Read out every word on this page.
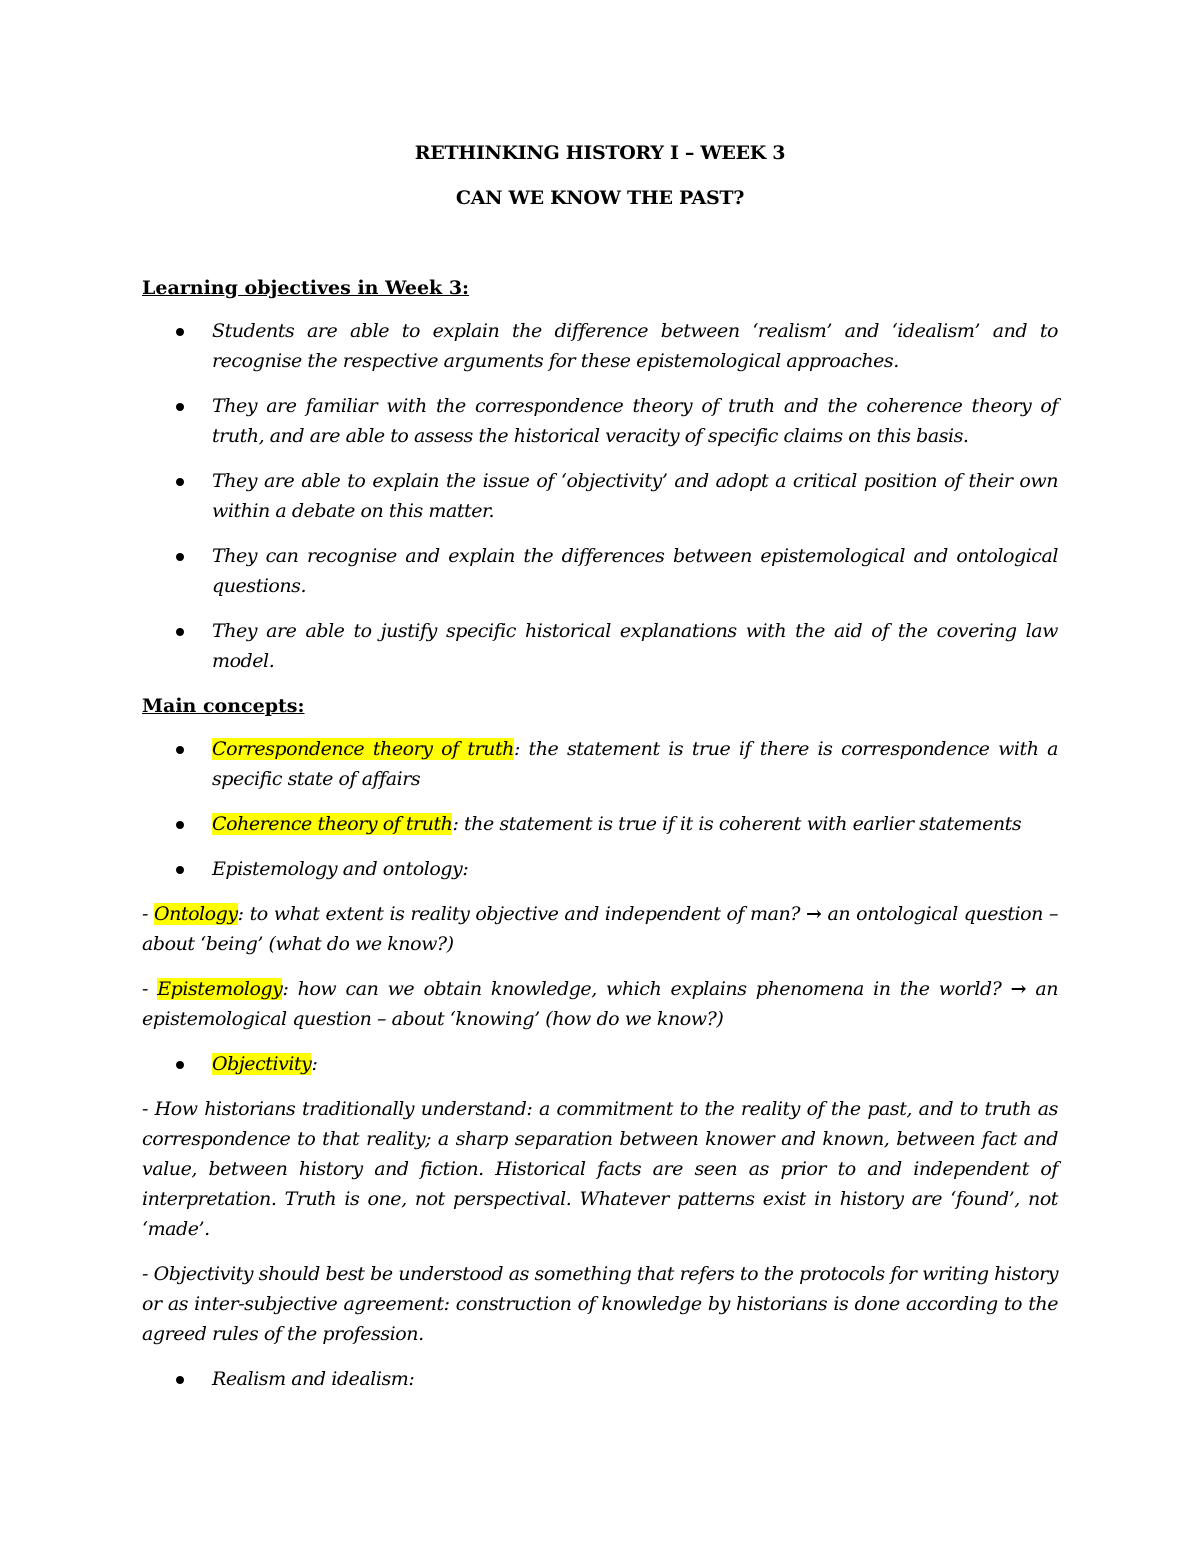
RETHINKING HISTORY I – WEEK 3

CAN WE KNOW THE PAST?

Learning objectives in Week 3:

Students are able to explain the difference between ‘realism’ and ‘idealism’ and to recognise the respective arguments for these epistemological approaches.
They are familiar with the correspondence theory of truth and the coherence theory of truth, and are able to assess the historical veracity of specific claims on this basis.
They are able to explain the issue of ‘objectivity’ and adopt a critical position of their own within a debate on this matter.
They can recognise and explain the differences between epistemological and ontological questions.
They are able to justify specific historical explanations with the aid of the covering law model.

Main concepts:

Correspondence theory of truth: the statement is true if there is correspondence with a specific state of affairs
Coherence theory of truth: the statement is true if it is coherent with earlier statements
Epistemology and ontology:

- Ontology: to what extent is reality objective and independent of man? → an ontological question – about ‘being’ (what do we know?)

- Epistemology: how can we obtain knowledge, which explains phenomena in the world? → an epistemological question – about ‘knowing’ (how do we know?)

Objectivity:

- How historians traditionally understand: a commitment to the reality of the past, and to truth as correspondence to that reality; a sharp separation between knower and known, between fact and value, between history and fiction. Historical facts are seen as prior to and independent of interpretation. Truth is one, not perspectival. Whatever patterns exist in history are ‘found’, not ‘made’.

- Objectivity should best be understood as something that refers to the protocols for writing history or as inter-subjective agreement: construction of knowledge by historians is done according to the agreed rules of the profession.

Realism and idealism:
